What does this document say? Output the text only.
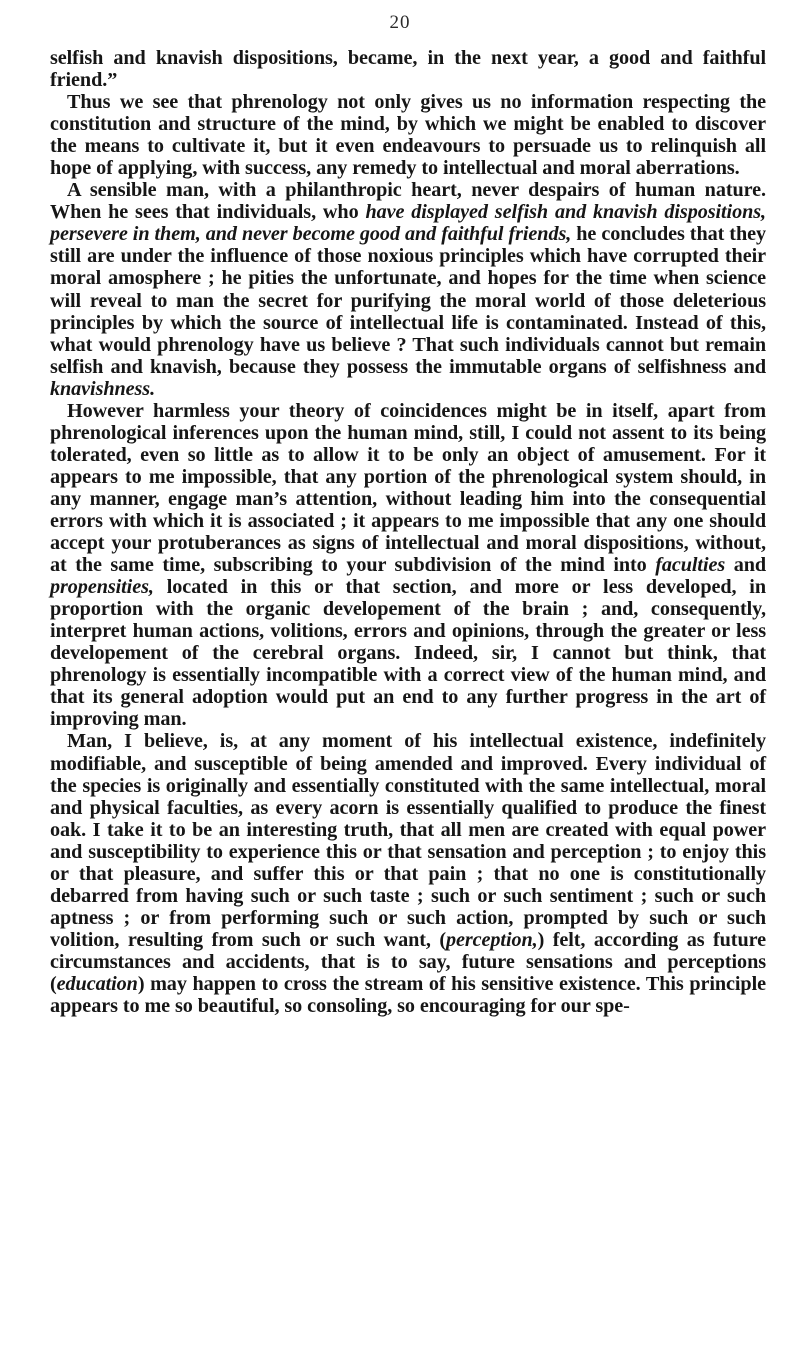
20

selfish and knavish dispositions, became, in the next year, a good and faithful friend.”

Thus we see that phrenology not only gives us no information respecting the constitution and structure of the mind, by which we might be enabled to discover the means to cultivate it, but it even endeavours to persuade us to relinquish all hope of applying, with success, any remedy to intellectual and moral aberrations.

A sensible man, with a philanthropic heart, never despairs of human nature. When he sees that individuals, who have displayed selfish and knavish dispositions, persevere in them, and never become good and faithful friends, he concludes that they still are under the influence of those noxious principles which have corrupted their moral amosphere ; he pities the unfortunate, and hopes for the time when science will reveal to man the secret for purifying the moral world of those deleterious principles by which the source of intellectual life is contaminated. Instead of this, what would phrenology have us believe ? That such individuals cannot but remain selfish and knavish, because they possess the immutable organs of selfishness and knavishness.

However harmless your theory of coincidences might be in itself, apart from phrenological inferences upon the human mind, still, I could not assent to its being tolerated, even so little as to allow it to be only an object of amusement. For it appears to me impossible, that any portion of the phrenological system should, in any manner, engage man’s attention, without leading him into the consequential errors with which it is associated ; it appears to me impossible that any one should accept your protuberances as signs of intellectual and moral dispositions, without, at the same time, subscribing to your subdivision of the mind into faculties and propensities, located in this or that section, and more or less developed, in proportion with the organic developement of the brain ; and, consequently, interpret human actions, volitions, errors and opinions, through the greater or less developement of the cerebral organs. Indeed, sir, I cannot but think, that phrenology is essentially incompatible with a correct view of the human mind, and that its general adoption would put an end to any further progress in the art of improving man.

Man, I believe, is, at any moment of his intellectual existence, indefinitely modifiable, and susceptible of being amended and improved. Every individual of the species is originally and essentially constituted with the same intellectual, moral and physical faculties, as every acorn is essentially qualified to produce the finest oak. I take it to be an interesting truth, that all men are created with equal power and susceptibility to experience this or that sensation and perception ; to enjoy this or that pleasure, and suffer this or that pain ; that no one is constitutionally debarred from having such or such taste ; such or such sentiment ; such or such aptness ; or from performing such or such action, prompted by such or such volition, resulting from such or such want, (perception,) felt, according as future circumstances and accidents, that is to say, future sensations and perceptions (education) may happen to cross the stream of his sensitive existence. This principle appears to me so beautiful, so consoling, so encouraging for our spe-
